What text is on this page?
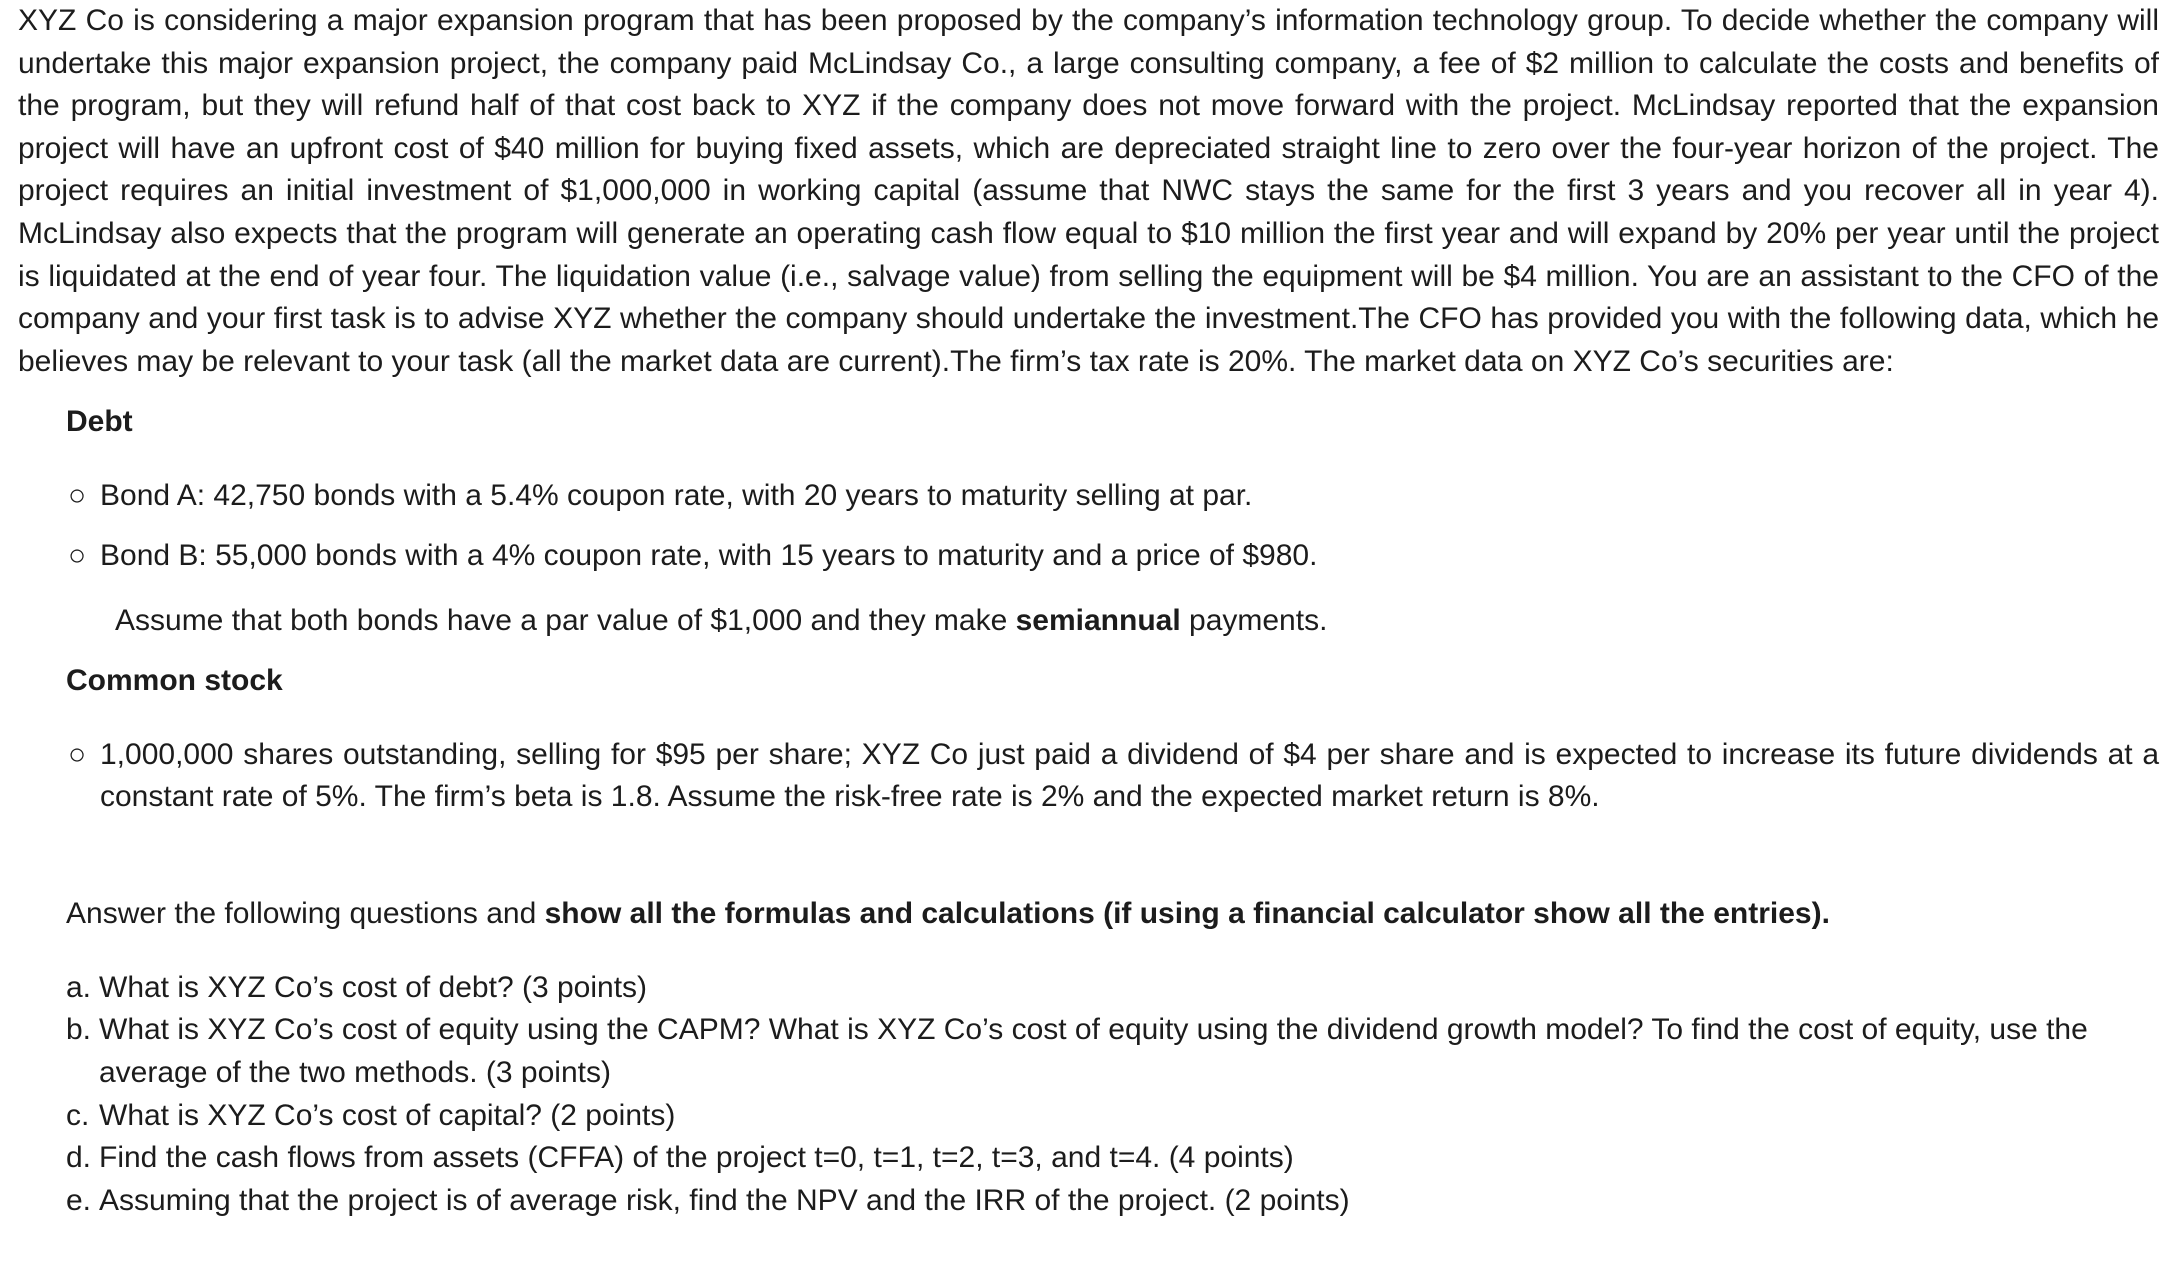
XYZ Co is considering a major expansion program that has been proposed by the company’s information technology group. To decide whether the company will undertake this major expansion project, the company paid McLindsay Co., a large consulting company, a fee of $2 million to calculate the costs and benefits of the program, but they will refund half of that cost back to XYZ if the company does not move forward with the project. McLindsay reported that the expansion project will have an upfront cost of $40 million for buying fixed assets, which are depreciated straight line to zero over the four-year horizon of the project. The project requires an initial investment of $1,000,000 in working capital (assume that NWC stays the same for the first 3 years and you recover all in year 4). McLindsay also expects that the program will generate an operating cash flow equal to $10 million the first year and will expand by 20% per year until the project is liquidated at the end of year four. The liquidation value (i.e., salvage value) from selling the equipment will be $4 million. You are an assistant to the CFO of the company and your first task is to advise XYZ whether the company should undertake the investment.The CFO has provided you with the following data, which he believes may be relevant to your task (all the market data are current).The firm’s tax rate is 20%. The market data on XYZ Co’s securities are:

Debt
○ Bond A: 42,750 bonds with a 5.4% coupon rate, with 20 years to maturity selling at par.
○ Bond B: 55,000 bonds with a 4% coupon rate, with 15 years to maturity and a price of $980.
Assume that both bonds have a par value of $1,000 and they make semiannual payments.
Common stock
○ 1,000,000 shares outstanding, selling for $95 per share; XYZ Co just paid a dividend of $4 per share and is expected to increase its future dividends at a constant rate of 5%. The firm’s beta is 1.8. Assume the risk-free rate is 2% and the expected market return is 8%.
Answer the following questions and show all the formulas and calculations (if using a financial calculator show all the entries).
a. What is XYZ Co’s cost of debt? (3 points)
b. What is XYZ Co’s cost of equity using the CAPM? What is XYZ Co’s cost of equity using the dividend growth model? To find the cost of equity, use the average of the two methods. (3 points)
c. What is XYZ Co’s cost of capital? (2 points)
d. Find the cash flows from assets (CFFA) of the project t=0, t=1, t=2, t=3, and t=4. (4 points)
e. Assuming that the project is of average risk, find the NPV and the IRR of the project. (2 points)
